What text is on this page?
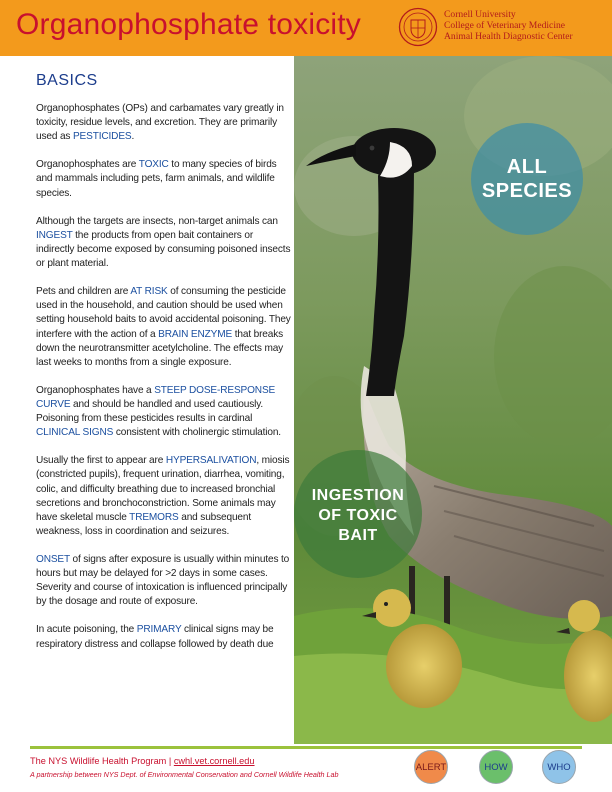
Organophosphate toxicity	Cornell University
College of Veterinary Medicine
Animal Health Diagnostic Center
BASICS

Organophosphates (OPs) and carbamates vary greatly in toxicity, residue levels, and excretion. They are primarily used as PESTICIDES.

Organophosphates are TOXIC to many species of birds and mammals including pets, farm animals, and wildlife species.

Although the targets are insects, non-target animals can INGEST the products from open bait containers or indirectly become exposed by consuming poisoned insects or plant material.

Pets and children are AT RISK of consuming the pesticide used in the household, and caution should be used when setting household baits to avoid accidental poisoning. They interfere with the action of a BRAIN ENZYME that breaks down the neurotransmitter acetylcholine. The effects may last weeks to months from a single exposure.

Organophosphates have a STEEP DOSE-RESPONSE CURVE and should be handled and used cautiously. Poisoning from these pesticides results in cardinal CLINICAL SIGNS consistent with cholinergic stimulation.

Usually the first to appear are HYPERSALIVATION, miosis (constricted pupils), frequent urination, diarrhea, vomiting, colic, and difficulty breathing due to increased bronchial secretions and bronchoconstriction. Some animals may have skeletal muscle TREMORS and subsequent weakness, loss in coordination and seizures.

ONSET of signs after exposure is usually within minutes to hours but may be delayed for >2 days in some cases. Severity and course of intoxication is influenced principally by the dosage and route of exposure.

In acute poisoning, the PRIMARY clinical signs may be respiratory distress and collapse followed by death due

ALL
SPECIES
INGESTION
OF TOXIC
BAIT
The NYS Wildlife Health Program | cwhl.vet.cornell.edu
A partnership between NYS Dept. of Environmental Conservation and Cornell Wildlife Health Lab
ALERT	HOW	WHO
